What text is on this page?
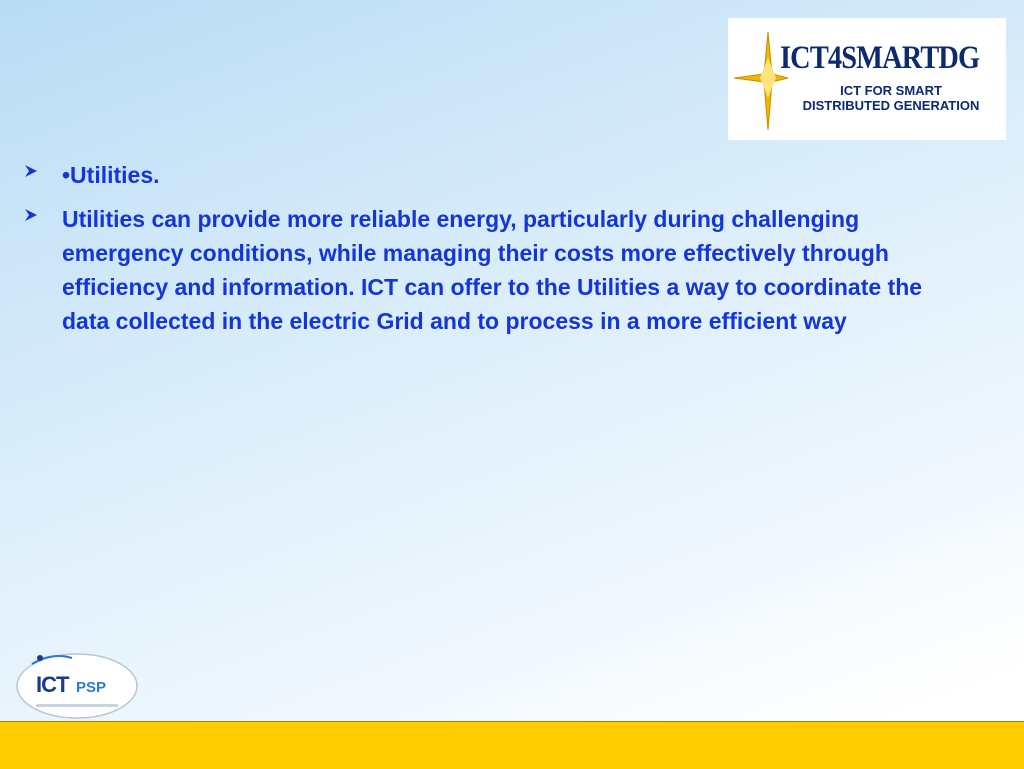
ICT4SMARTDG
ICT FOR SMART
DISTRIBUTED GENERATION
•Utilities.
Utilities can provide more reliable energy, particularly during challenging emergency conditions, while managing their costs more effectively through efficiency and information. ICT can offer to the Utilities a way to coordinate the data collected in the electric Grid and to process in a more efficient way
ICT PSP
